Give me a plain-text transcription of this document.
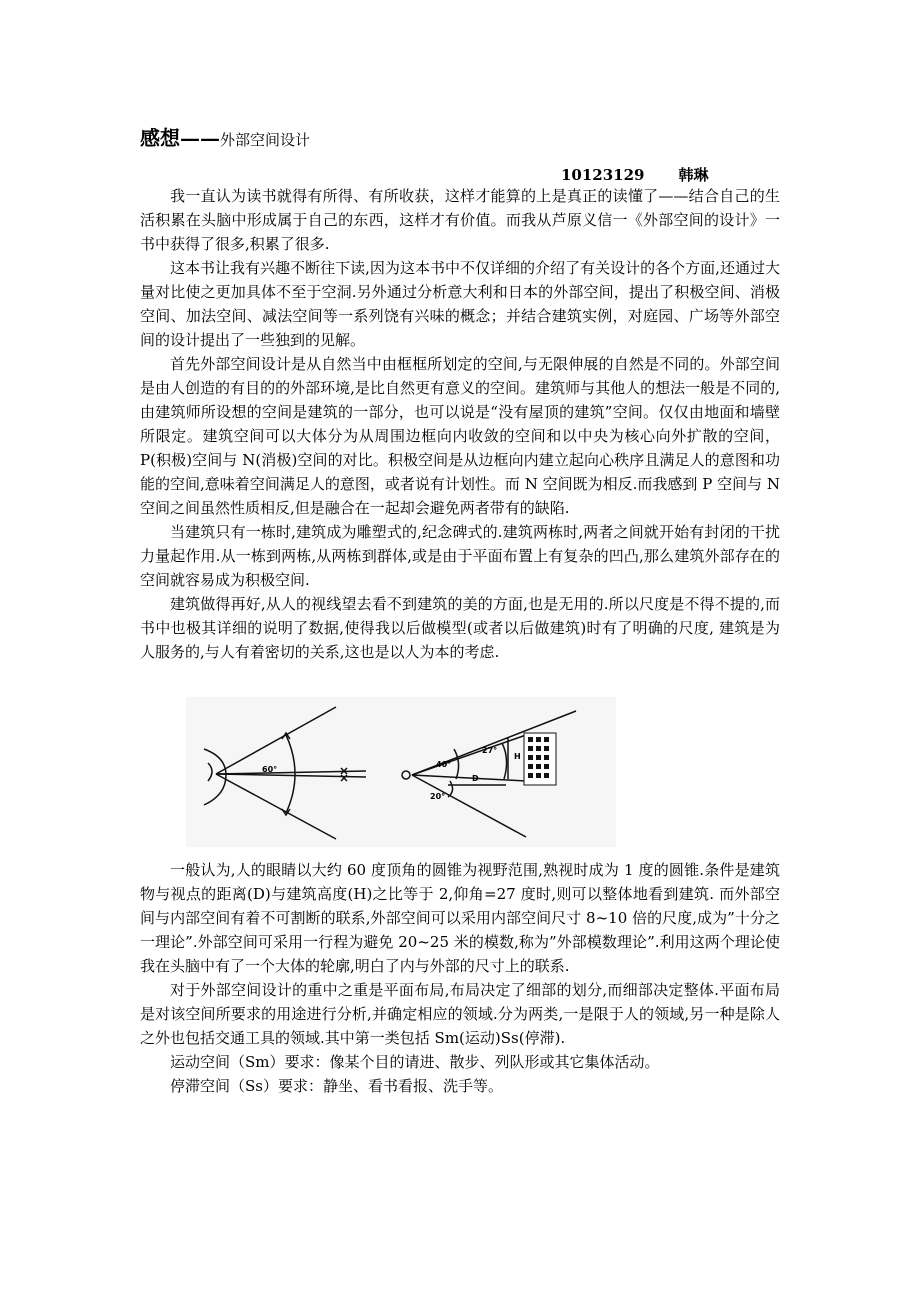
感想——外部空间设计
10123129 韩琳

我一直认为读书就得有所得、有所收获，这样才能算的上是真正的读懂了——结合自己的生活积累在头脑中形成属于自己的东西，这样才有价值。而我从芦原义信一《外部空间的设计》一书中获得了很多,积累了很多.

这本书让我有兴趣不断往下读,因为这本书中不仅详细的介绍了有关设计的各个方面,还通过大量对比使之更加具体不至于空洞.另外通过分析意大利和日本的外部空间，提出了积极空间、消极空间、加法空间、减法空间等一系列饶有兴味的概念；并结合建筑实例，对庭园、广场等外部空间的设计提出了一些独到的见解。

首先外部空间设计是从自然当中由框框所划定的空间,与无限伸展的自然是不同的。外部空间是由人创造的有目的的外部环境,是比自然更有意义的空间。建筑师与其他人的想法一般是不同的,由建筑师所设想的空间是建筑的一部分，也可以说是“没有屋顶的建筑”空间。仅仅由地面和墙壁所限定。建筑空间可以大体分为从周围边框向内收敛的空间和以中央为核心向外扩散的空间，P(积极)空间与 N(消极)空间的对比。积极空间是从边框向内建立起向心秩序且满足人的意图和功能的空间,意味着空间满足人的意图，或者说有计划性。而 N 空间既为相反.而我感到 P 空间与 N 空间之间虽然性质相反,但是融合在一起却会避免两者带有的缺陷.

当建筑只有一栋时,建筑成为雕塑式的,纪念碑式的.建筑两栋时,两者之间就开始有封闭的干扰力量起作用.从一栋到两栋,从两栋到群体,或是由于平面布置上有复杂的凹凸,那么建筑外部存在的空间就容易成为积极空间.

建筑做得再好,从人的视线望去看不到建筑的美的方面,也是无用的.所以尺度是不得不提的,而书中也极其详细的说明了数据,使得我以后做模型(或者以后做建筑)时有了明确的尺度, 建筑是为人服务的,与人有着密切的关系,这也是以人为本的考虑.

60°
40°
27°
20°
H
D

一般认为,人的眼睛以大约 60 度顶角的圆锥为视野范围,熟视时成为 1 度的圆锥.条件是建筑物与视点的距离(D)与建筑高度(H)之比等于 2,仰角=27 度时,则可以整体地看到建筑. 而外部空间与内部空间有着不可割断的联系,外部空间可以采用内部空间尺寸 8~10 倍的尺度,成为”十分之一理论”.外部空间可采用一行程为避免 20~25 米的模数,称为”外部模数理论”.利用这两个理论使我在头脑中有了一个大体的轮廓,明白了内与外部的尺寸上的联系.

对于外部空间设计的重中之重是平面布局,布局决定了细部的划分,而细部决定整体.平面布局是对该空间所要求的用途进行分析,并确定相应的领域.分为两类,一是限于人的领域,另一种是除人之外也包括交通工具的领域.其中第一类包括 Sm(运动)Ss(停滞).

运动空间（Sm）要求：像某个目的请进、散步、列队形或其它集体活动。

停滞空间（Ss）要求：静坐、看书看报、洗手等。
